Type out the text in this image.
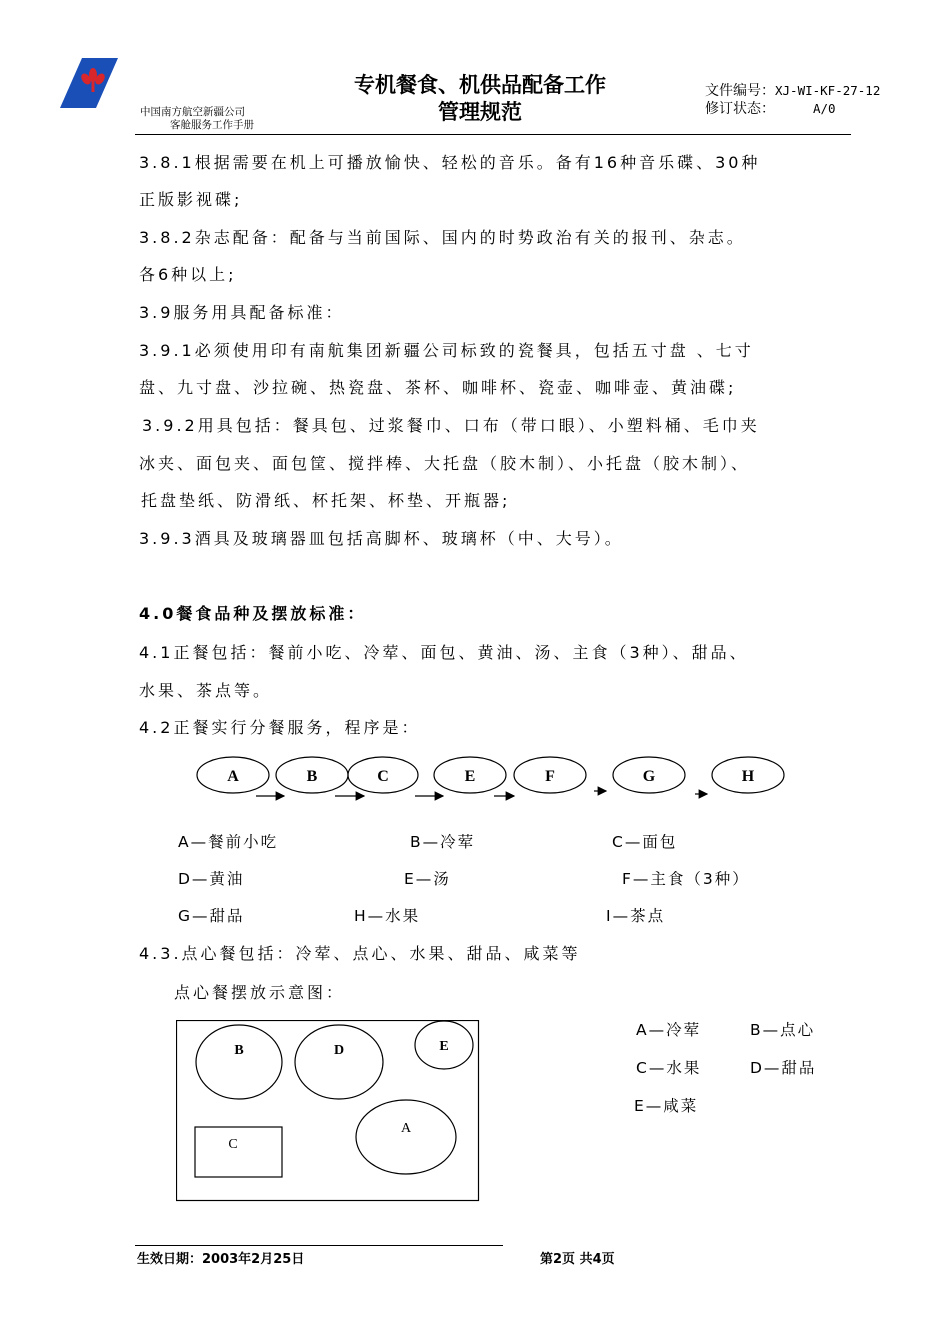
中国南方航空新疆公司
客舱服务工作手册
专机餐食、机供品配备工作
管理规范
文件编号：XJ-WI-KF-27-12
修订状态：	A/0
3.8.1根据需要在机上可播放愉快、轻松的音乐。备有16种音乐碟、30种
正版影视碟;
3.8.2杂志配备：配备与当前国际、国内的时势政治有关的报刊、杂志。
各6种以上;
3.9服务用具配备标准：
3.9.1必须使用印有南航集团新疆公司标致的瓷餐具，包括五寸盘 、七寸
盘、九寸盘、沙拉碗、热瓷盘、茶杯、咖啡杯、瓷壶、咖啡壶、黄油碟;
3.9.2用具包括：餐具包、过浆餐巾、口布（带口眼）、小塑料桶、毛巾夹
冰夹、面包夹、面包筐、搅拌棒、大托盘（胶木制）、小托盘（胶木制）、
托盘垫纸、防滑纸、杯托架、杯垫、开瓶器;
3.9.3酒具及玻璃器皿包括高脚杯、玻璃杯（中、大号）。
4.0餐食品种及摆放标准：
4.1正餐包括：餐前小吃、冷荤、面包、黄油、汤、主食（3种）、甜品、
水果、茶点等。
4.2正餐实行分餐服务，程序是：
A	B	C	E	F	G	H
A—餐前小吃	B—冷荤	C—面包
D—黄油	E—汤	F—主食（3种）
G—甜品	H—水果	I—茶点
4.3.点心餐包括：冷荤、点心、水果、甜品、咸菜等
点心餐摆放示意图：
B	D	E
A
C
A—冷荤	B—点心
C—水果	D—甜品
E—咸菜
生效日期：2003年2月25日	第2页 共4页
